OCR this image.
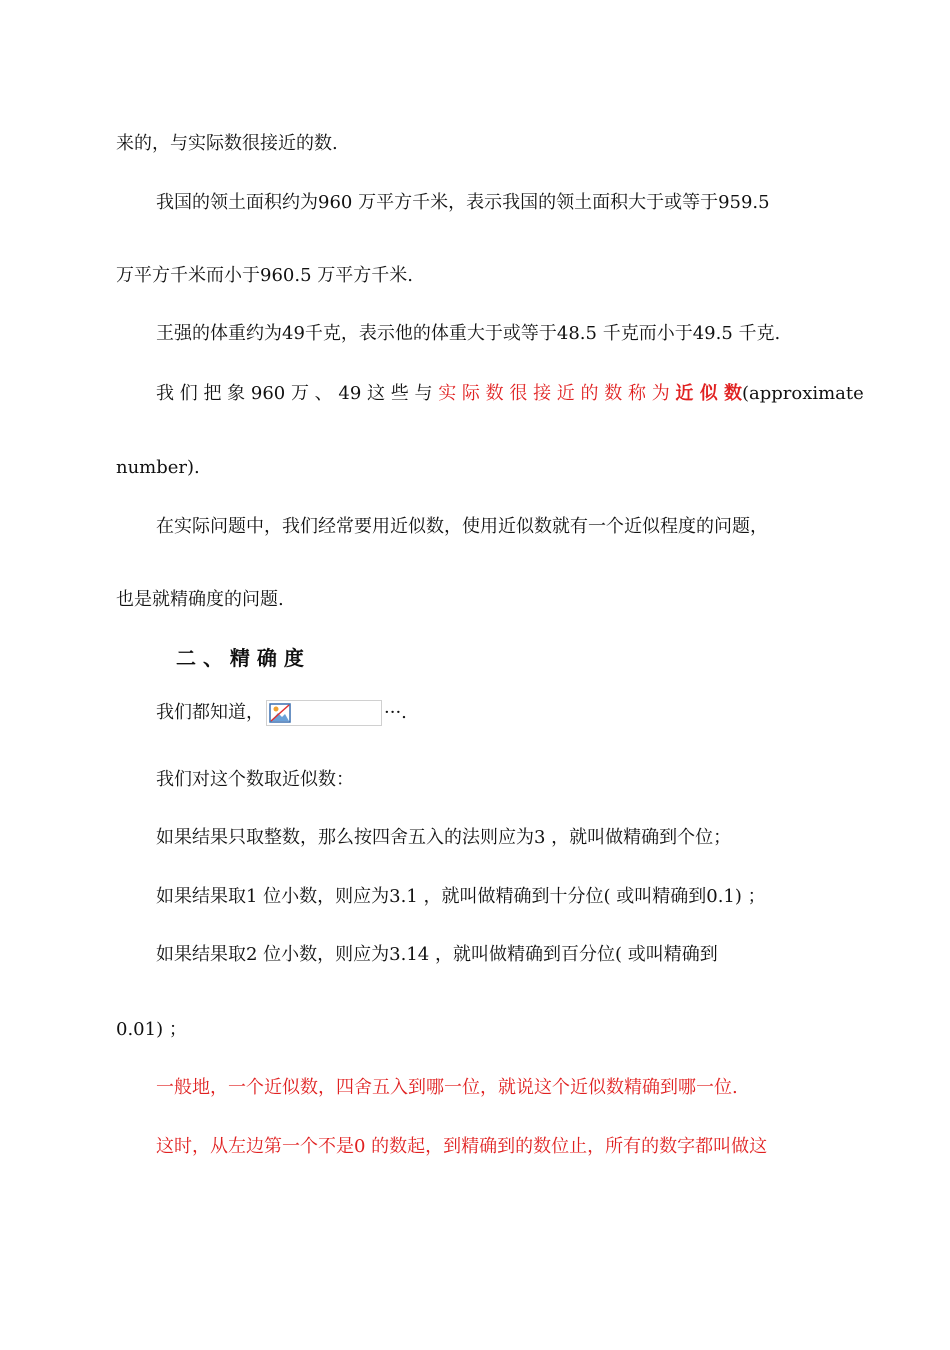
来的，与实际数很接近的数.
我国的领土面积约为960 万平方千米，表示我国的领土面积大于或等于959.5
万平方千米而小于960.5 万平方千米.
王强的体重约为49千克，表示他的体重大于或等于48.5 千克而小于49.5 千克.
我 们 把 象 960 万 、 49 这 些 与 实 际 数 很 接 近 的 数 称 为 近 似 数(approximate
number).
在实际问题中，我们经常要用近似数，使用近似数就有一个近似程度的问题，
也是就精确度的问题.
二 、 精 确 度
我们都知道，	···.
我们对这个数取近似数：
如果结果只取整数，那么按四舍五入的法则应为3 ，就叫做精确到个位；
如果结果取1 位小数，则应为3.1 ，就叫做精确到十分位( 或叫精确到0.1) ；
如果结果取2 位小数，则应为3.14 ，就叫做精确到百分位( 或叫精确到
0.01) ；
一般地，一个近似数，四舍五入到哪一位，就说这个近似数精确到哪一位.
这时，从左边第一个不是0 的数起，到精确到的数位止，所有的数字都叫做这
